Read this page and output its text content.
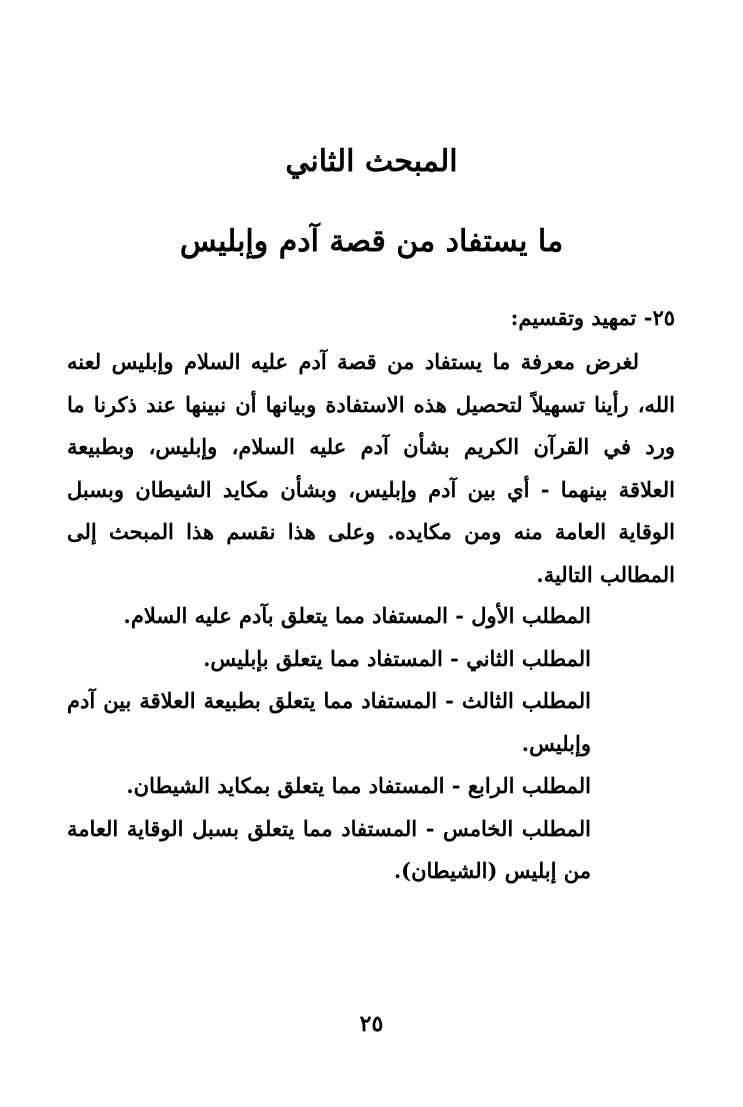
المبحث الثاني
ما يستفاد من قصة آدم وإبليس
٢٥- تمهيد وتقسيم:

لغرض معرفة ما يستفاد من قصة آدم عليه السلام وإبليس لعنه الله، رأينا تسهيلاً لتحصيل هذه الاستفادة وبيانها أن نبينها عند ذكرنا ما ورد في القرآن الكريم بشأن آدم عليه السلام، وإبليس، وبطبيعة العلاقة بينهما - أي بين آدم وإبليس، وبشأن مكايد الشيطان وبسبل الوقاية العامة منه ومن مكايده. وعلى هذا نقسم هذا المبحث إلى المطالب التالية.

المطلب الأول - المستفاد مما يتعلق بآدم عليه السلام.
المطلب الثاني - المستفاد مما يتعلق بإبليس.
المطلب الثالث - المستفاد مما يتعلق بطبيعة العلاقة بين آدم وإبليس.
المطلب الرابع - المستفاد مما يتعلق بمكايد الشيطان.
المطلب الخامس - المستفاد مما يتعلق بسبل الوقاية العامة من إبليس (الشيطان).
٢٥
